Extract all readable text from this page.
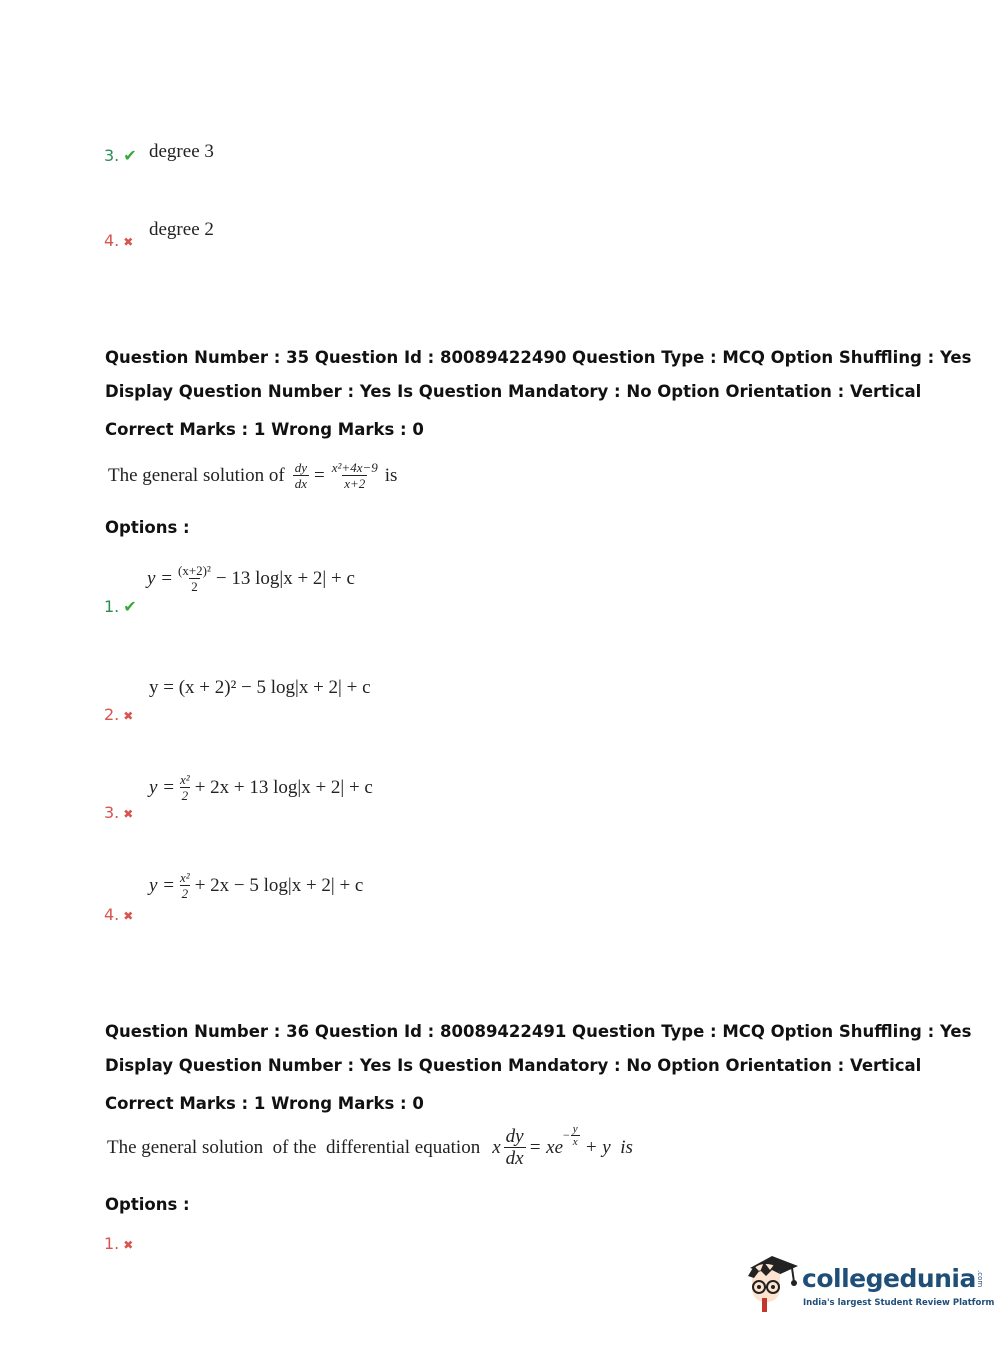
3. ✔ degree 3
4. ✖
degree 2
Question Number : 35 Question Id : 80089422490 Question Type : MCQ Option Shuffling : Yes
Display Question Number : Yes Is Question Mandatory : No Option Orientation : Vertical
Correct Marks : 1 Wrong Marks : 0
The general solution of $\frac{dy}{dx} = \frac{\text{x²+4x−9}}{x+2}$ is
Options :
$y = \frac{\text{(x+2)²}}{2} - 13$ log|x + 2| + c
1. ✔
y = (x + 2)² − 5 log|x + 2| + c
2. ✖
$y = \frac{\text{x²}}{2} + 2x + 13$ log|x + 2| + c
3. ✖
$y = \frac{\text{x²}}{2} + 2x - 5$ log|x + 2| + c
4. ✖
Question Number : 36 Question Id : 80089422491 Question Type : MCQ Option Shuffling : Yes
Display Question Number : Yes Is Question Mandatory : No Option Orientation : Vertical
Correct Marks : 1 Wrong Marks : 0
The general solution  of the  differential equation x $\frac{dy}{dx}$ = xe
− $\frac{y}{x} + y$  is
Options :
1. ✖
collegedunia.com
India's largest Student Review Platform
